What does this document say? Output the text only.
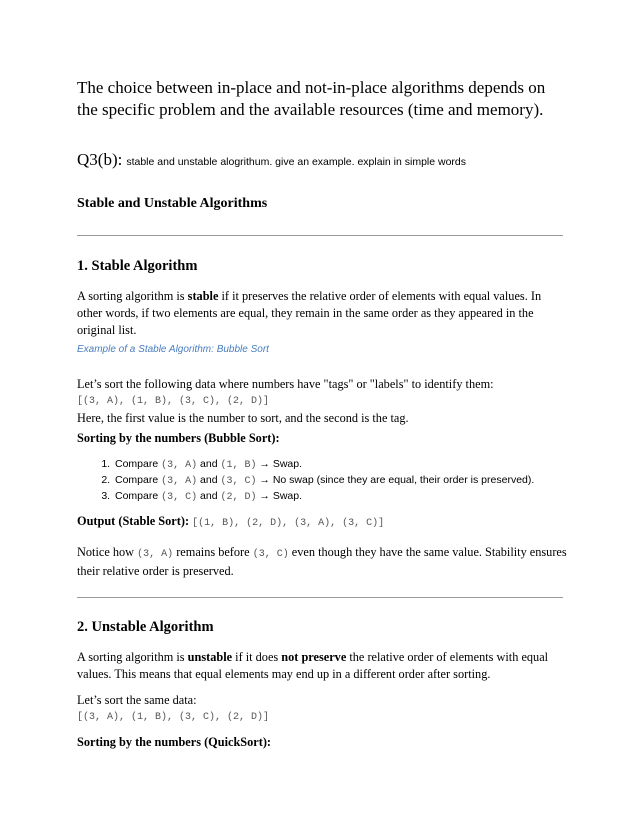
The choice between in-place and not-in-place algorithms depends on the specific problem and the available resources (time and memory).
Q3(b): stable and unstable alogrithum. give an example. explain in simple words
Stable and Unstable Algorithms
1. Stable Algorithm
A sorting algorithm is stable if it preserves the relative order of elements with equal values. In other words, if two elements are equal, they remain in the same order as they appeared in the original list.
Example of a Stable Algorithm: Bubble Sort
Let’s sort the following data where numbers have "tags" or "labels" to identify them:
[(3, A), (1, B), (3, C), (2, D)]
Here, the first value is the number to sort, and the second is the tag.
Sorting by the numbers (Bubble Sort):
1. Compare (3, A) and (1, B) → Swap.
2. Compare (3, A) and (3, C) → No swap (since they are equal, their order is preserved).
3. Compare (3, C) and (2, D) → Swap.
Output (Stable Sort): [(1, B), (2, D), (3, A), (3, C)]
Notice how (3, A) remains before (3, C) even though they have the same value. Stability ensures their relative order is preserved.
2. Unstable Algorithm
A sorting algorithm is unstable if it does not preserve the relative order of elements with equal values. This means that equal elements may end up in a different order after sorting.
Let’s sort the same data:
[(3, A), (1, B), (3, C), (2, D)]
Sorting by the numbers (QuickSort):
